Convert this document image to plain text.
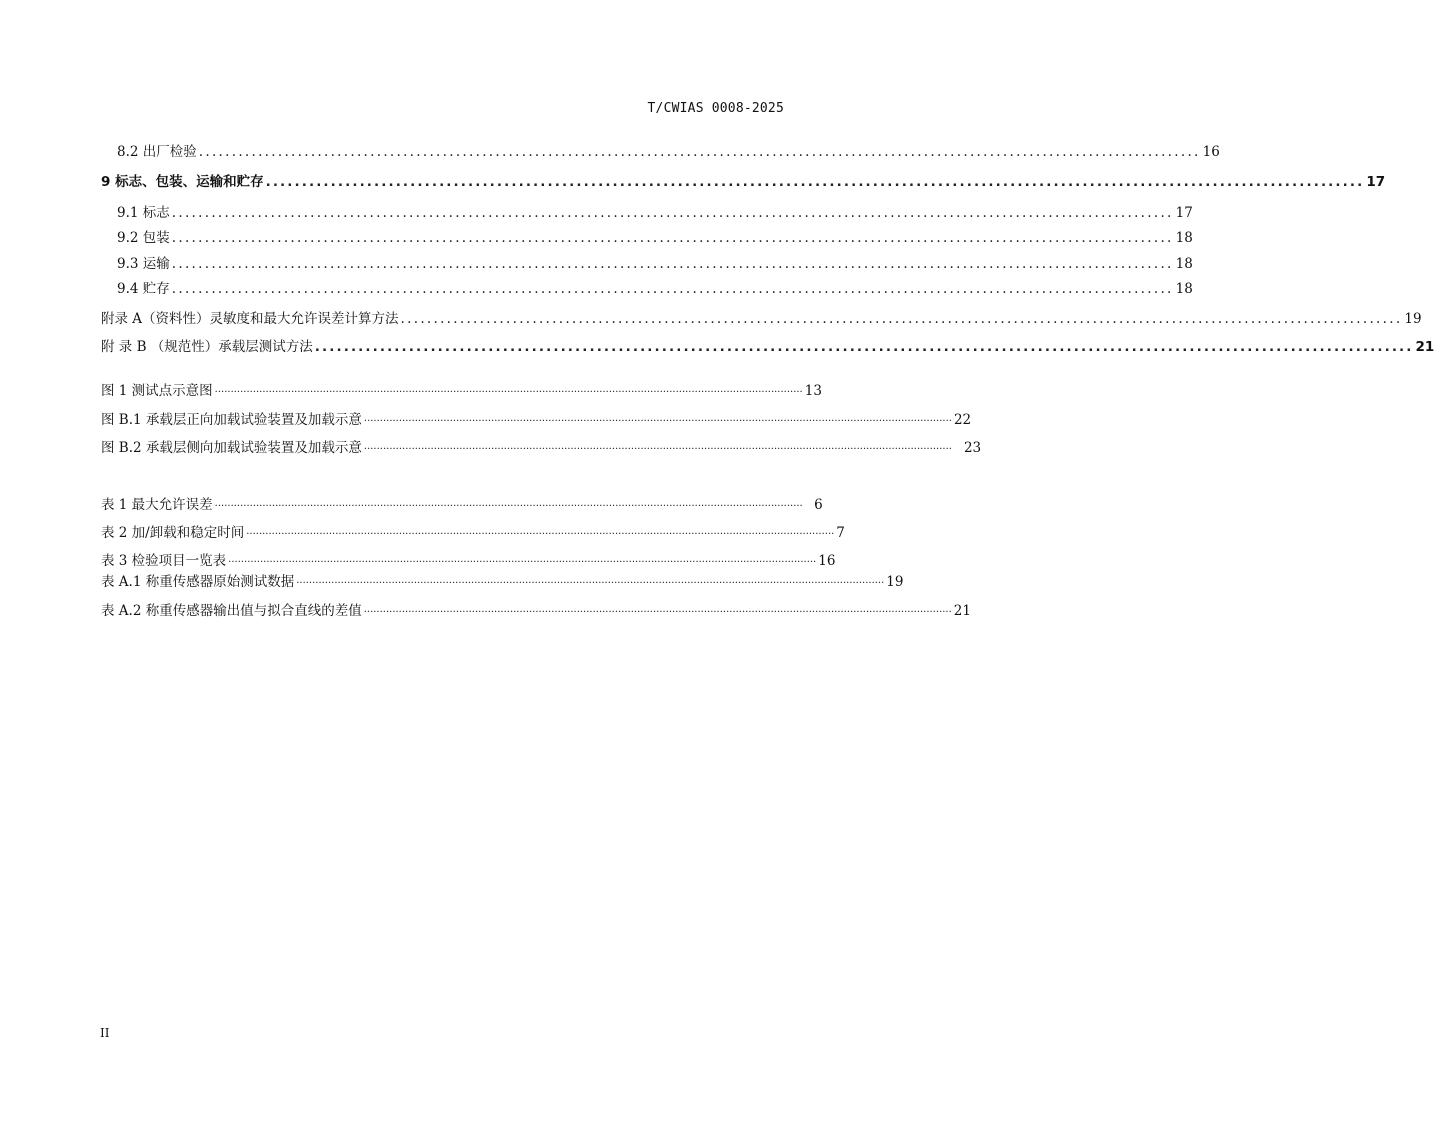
T/CWIAS 0008-2025
8.2 出厂检验 ........................................................................................................................................................ 16
9 标志、包装、运输和贮存 ........................................................................................................................................................ 17
9.1 标志 ........................................................................................................................................................ 17
9.2 包装 ........................................................................................................................................................ 18
9.3 运输 ........................................................................................................................................................ 18
9.4 贮存 ........................................................................................................................................................ 18
附录 A（资料性）灵敏度和最大允许误差计算方法 ........................................................................................................................................................ 19
附 录 B （规范性）承载层测试方法 ........................................................................................................................................................ 21
图 1 测试点示意图 ························································································································································································· 13
图 B.1 承载层正向加载试验装置及加载示意 ························································································································································································· 22
图 B.2 承载层侧向加载试验装置及加载示意 ························································································································································································· 23
表 1 最大允许误差 ························································································································································································· 6
表 2 加/卸载和稳定时间 ························································································································································································· 7
表 3 检验项目一览表 ························································································································································································· 16
表 A.1 称重传感器原始测试数据 ························································································································································································· 19
表 A.2 称重传感器输出值与拟合直线的差值 ························································································································································································· 21
II
